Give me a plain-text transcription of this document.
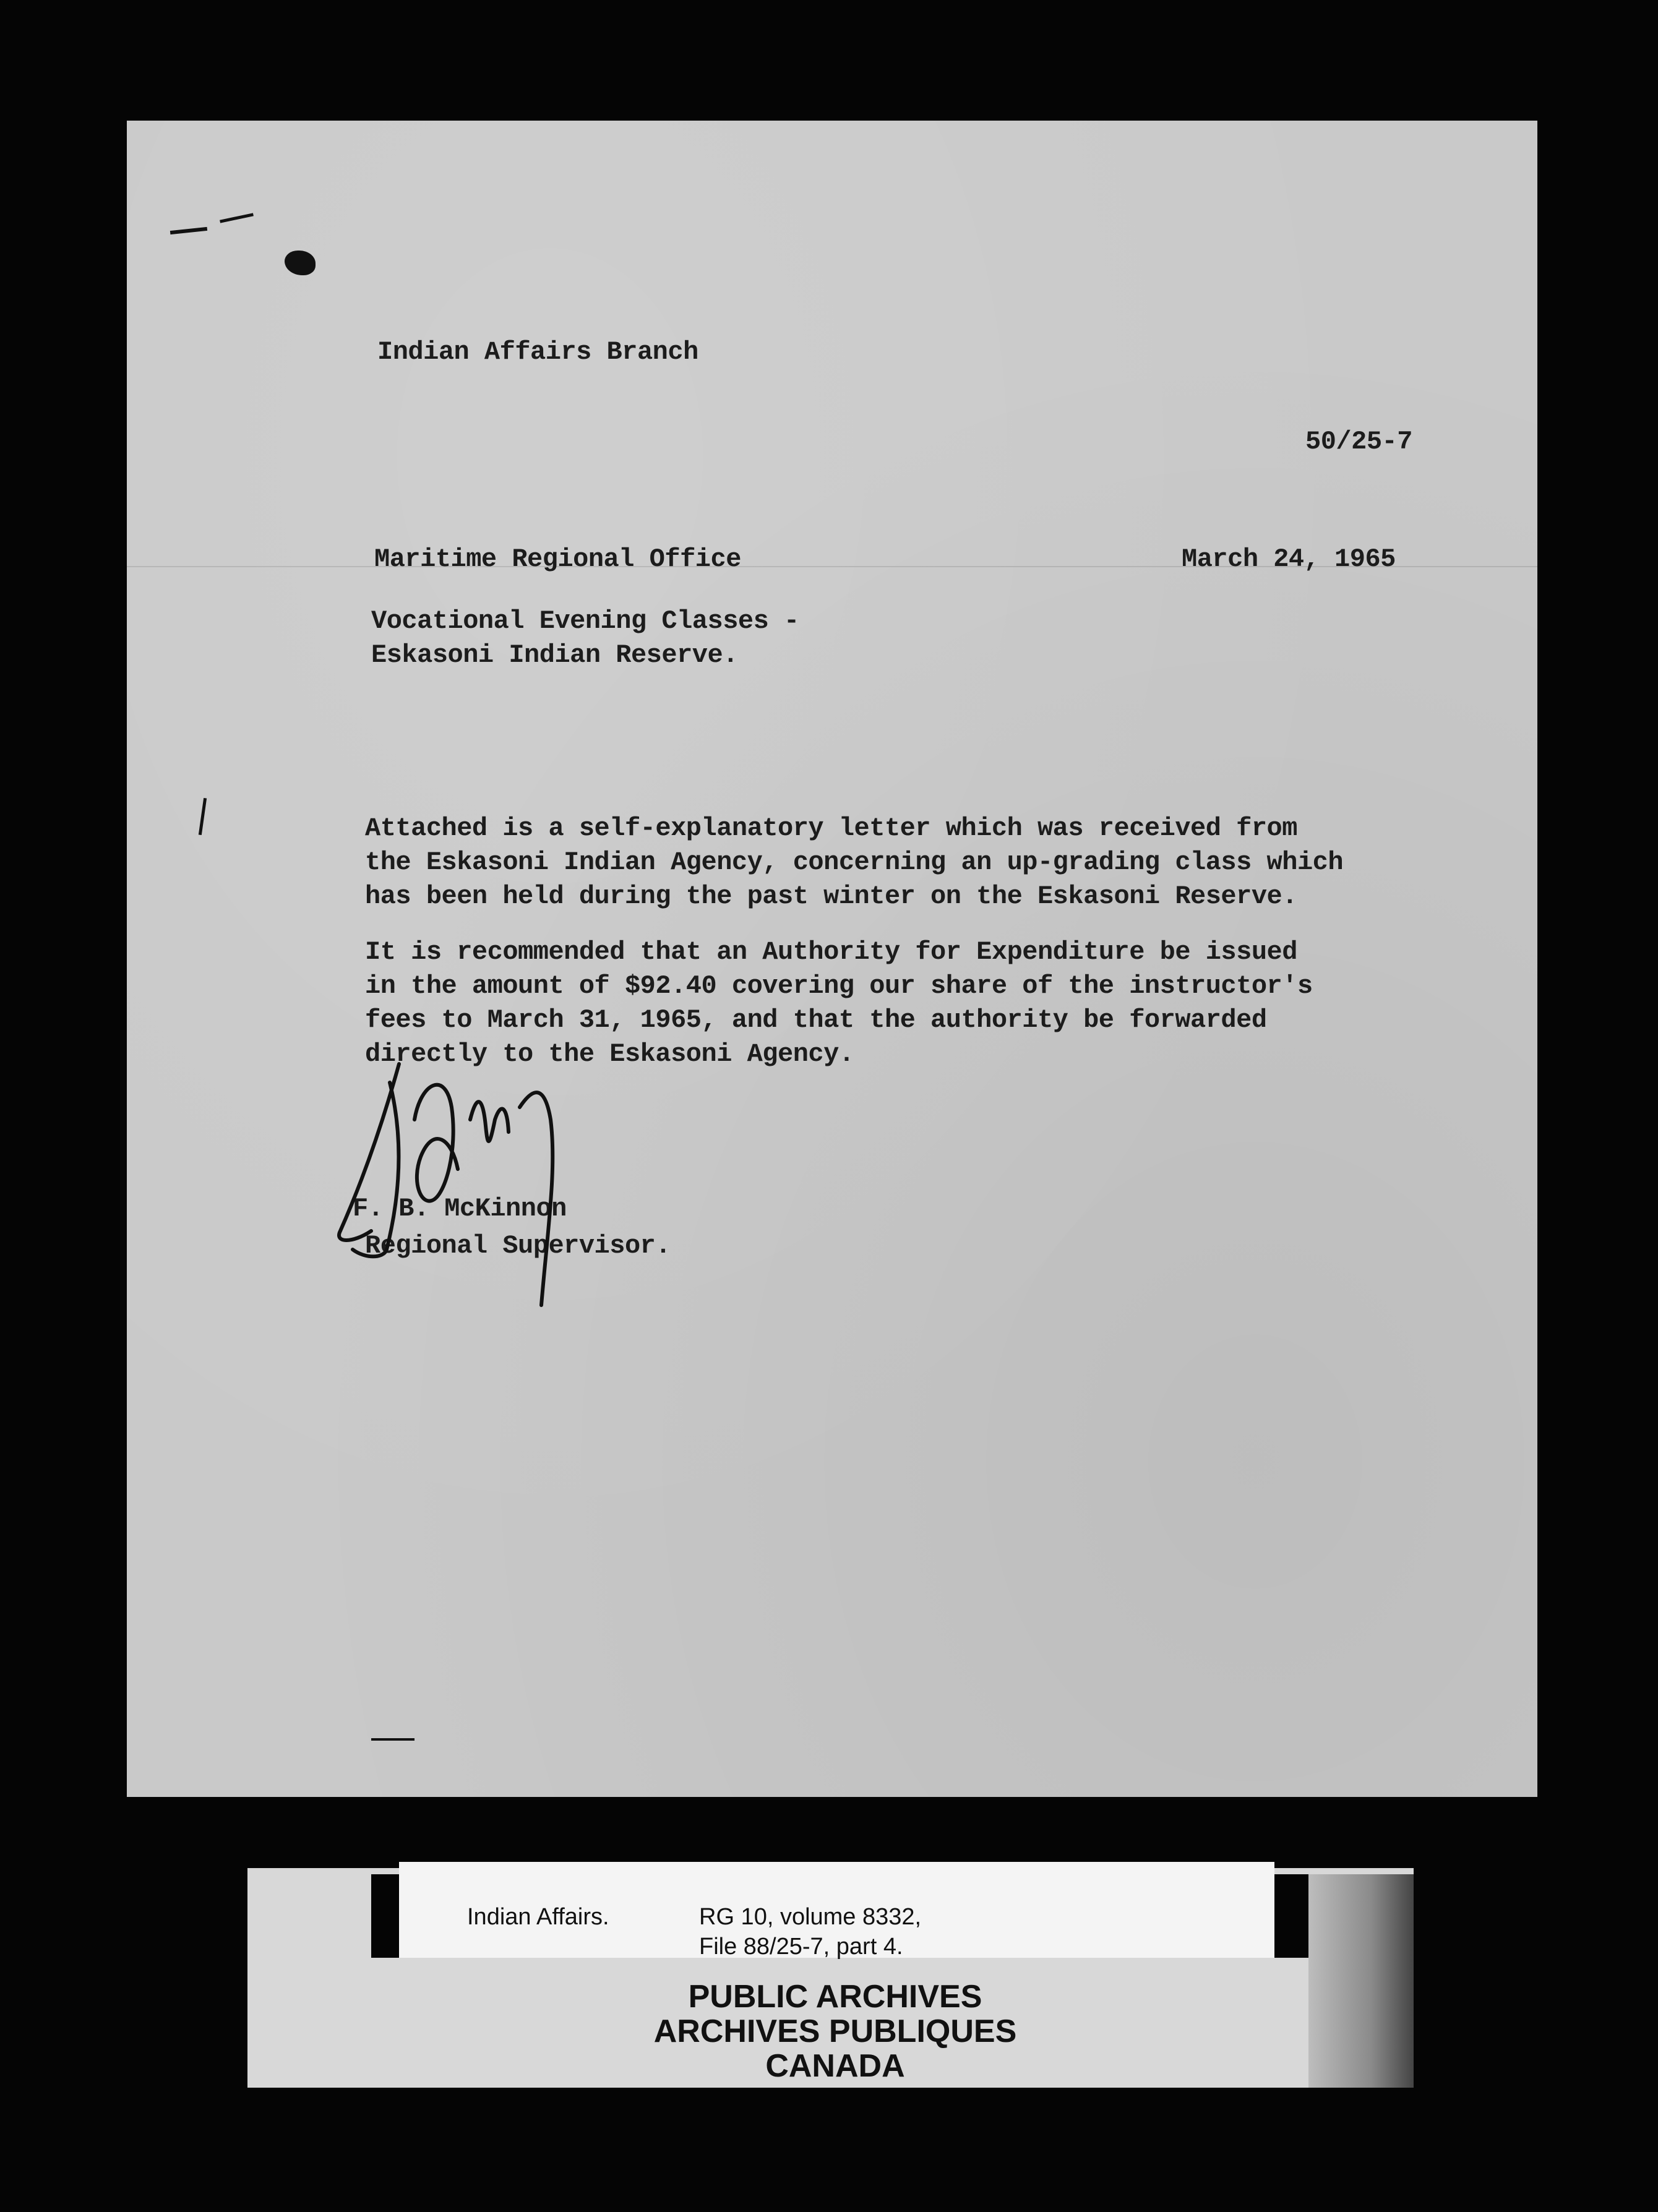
Indian Affairs Branch
50/25-7
Maritime Regional Office	March 24, 1965
Vocational Evening Classes -
Eskasoni Indian Reserve.
Attached is a self-explanatory letter which was received from
the Eskasoni Indian Agency, concerning an up-grading class which
has been held during the past winter on the Eskasoni Reserve.
It is recommended that an Authority for Expenditure be issued
in the amount of $92.40 covering our share of the instructor's
fees to March 31, 1965, and that the authority be forwarded
directly to the Eskasoni Agency.
F. B. McKinnon
Regional Supervisor.
Indian Affairs.	RG 10, volume 8332,
File 88/25-7, part 4.
PUBLIC ARCHIVES
ARCHIVES PUBLIQUES
CANADA
